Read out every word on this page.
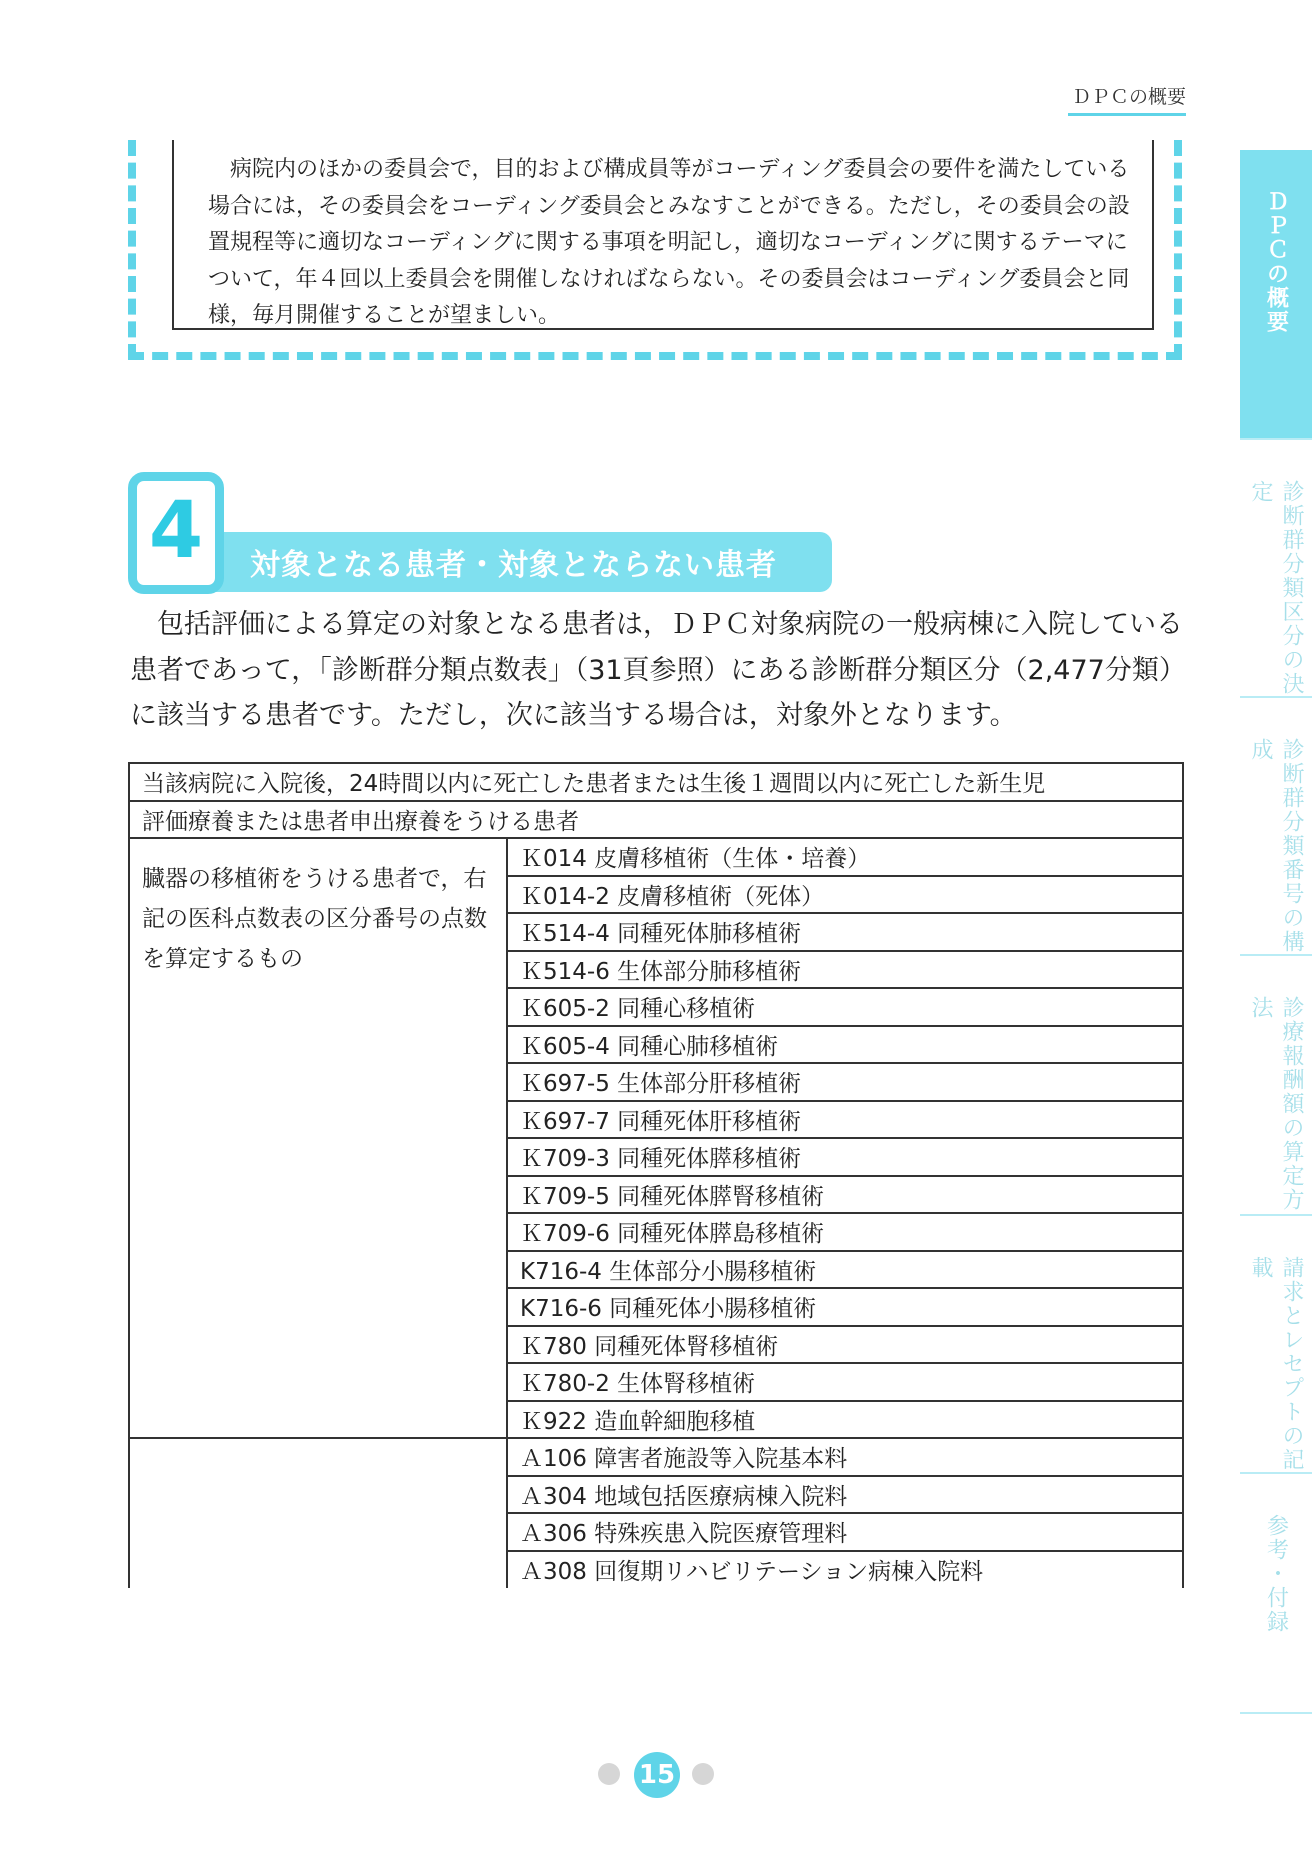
ＤＰＣの概要

病院内のほかの委員会で，目的および構成員等がコーディング委員会の要件を満たしている場合には，その委員会をコーディング委員会とみなすことができる。ただし，その委員会の設置規程等に適切なコーディングに関する事項を明記し，適切なコーディングに関するテーマについて，年４回以上委員会を開催しなければならない。その委員会はコーディング委員会と同様，毎月開催することが望ましい。

4	対象となる患者・対象とならない患者

包括評価による算定の対象となる患者は，ＤＰＣ対象病院の一般病棟に入院している患者であって，「診断群分類点数表」（31頁参照）にある診断群分類区分（2,477分類）に該当する患者です。ただし，次に該当する場合は，対象外となります。

当該病院に入院後，24時間以内に死亡した患者または生後１週間以内に死亡した新生児	
評価療養または患者申出療養をうける患者	
臓器の移植術をうける患者で，右記の医科点数表の区分番号の点数を算定するもの	Ｋ014 皮膚移植術（生体・培養）
	Ｋ014-2 皮膚移植術（死体）
	Ｋ514-4 同種死体肺移植術
	Ｋ514-6 生体部分肺移植術
	Ｋ605-2 同種心移植術
	Ｋ605-4 同種心肺移植術
	Ｋ697-5 生体部分肝移植術
	Ｋ697-7 同種死体肝移植術
	Ｋ709-3 同種死体膵移植術
	Ｋ709-5 同種死体膵腎移植術
	Ｋ709-6 同種死体膵島移植術
	K716-4 生体部分小腸移植術
	K716-6 同種死体小腸移植術
	Ｋ780 同種死体腎移植術
	Ｋ780-2 生体腎移植術
	Ｋ922 造血幹細胞移植
	Ａ106 障害者施設等入院基本料
	Ａ304 地域包括医療病棟入院料
	Ａ306 特殊疾患入院医療管理料
	Ａ308 回復期リハビリテーション病棟入院料
ＤＰＣの概要
診断群分類区分の決定
診断群分類番号の構成
診療報酬額の算定方法
請求とレセプトの記載
参考・付録
15
